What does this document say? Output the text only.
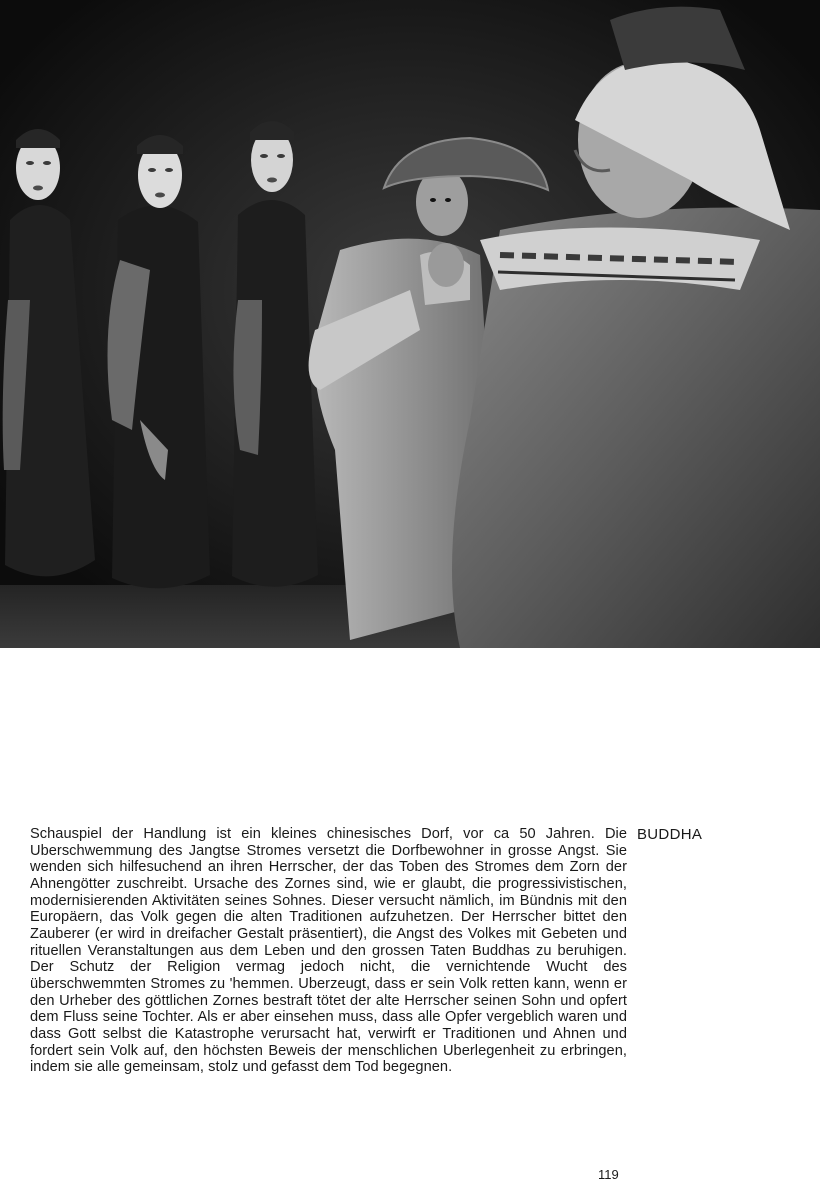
Schauspiel der Handlung ist ein kleines chinesisches Dorf, vor ca 50 Jahren. Die Uberschwemmung des Jangtse Stromes versetzt die Dorfbewohner in grosse Angst. Sie wenden sich hilfesuchend an ihren Herrscher, der das Toben des Stromes dem Zorn der Ahnengötter zuschreibt. Ursache des Zornes sind, wie er glaubt, die progressivistischen, modernisierenden Aktivitäten seines Sohnes. Dieser versucht nämlich, im Bündnis mit den Europäern, das Volk gegen die alten Traditionen aufzuhetzen. Der Herrscher bittet den Zauberer (er wird in dreifacher Gestalt präsentiert), die Angst des Volkes mit Gebeten und rituellen Veranstaltungen aus dem Leben und den grossen Taten Buddhas zu beruhigen. Der Schutz der Religion vermag jedoch nicht, die vernichtende Wucht des überschwemmten Stromes zu 'hemmen. Uberzeugt, dass er sein Volk retten kann, wenn er den Urheber des göttlichen Zornes bestraft tötet der alte Herrscher seinen Sohn und opfert dem Fluss seine Tochter. Als er aber einsehen muss, dass alle Opfer vergeblich waren und dass Gott selbst die Katastrophe verursacht hat, verwirft er Traditionen und Ahnen und fordert sein Volk auf, den höchsten Beweis der menschlichen Uberlegenheit zu erbringen, indem sie alle gemeinsam, stolz und gefasst dem Tod begegnen.

BUDDHA

119
